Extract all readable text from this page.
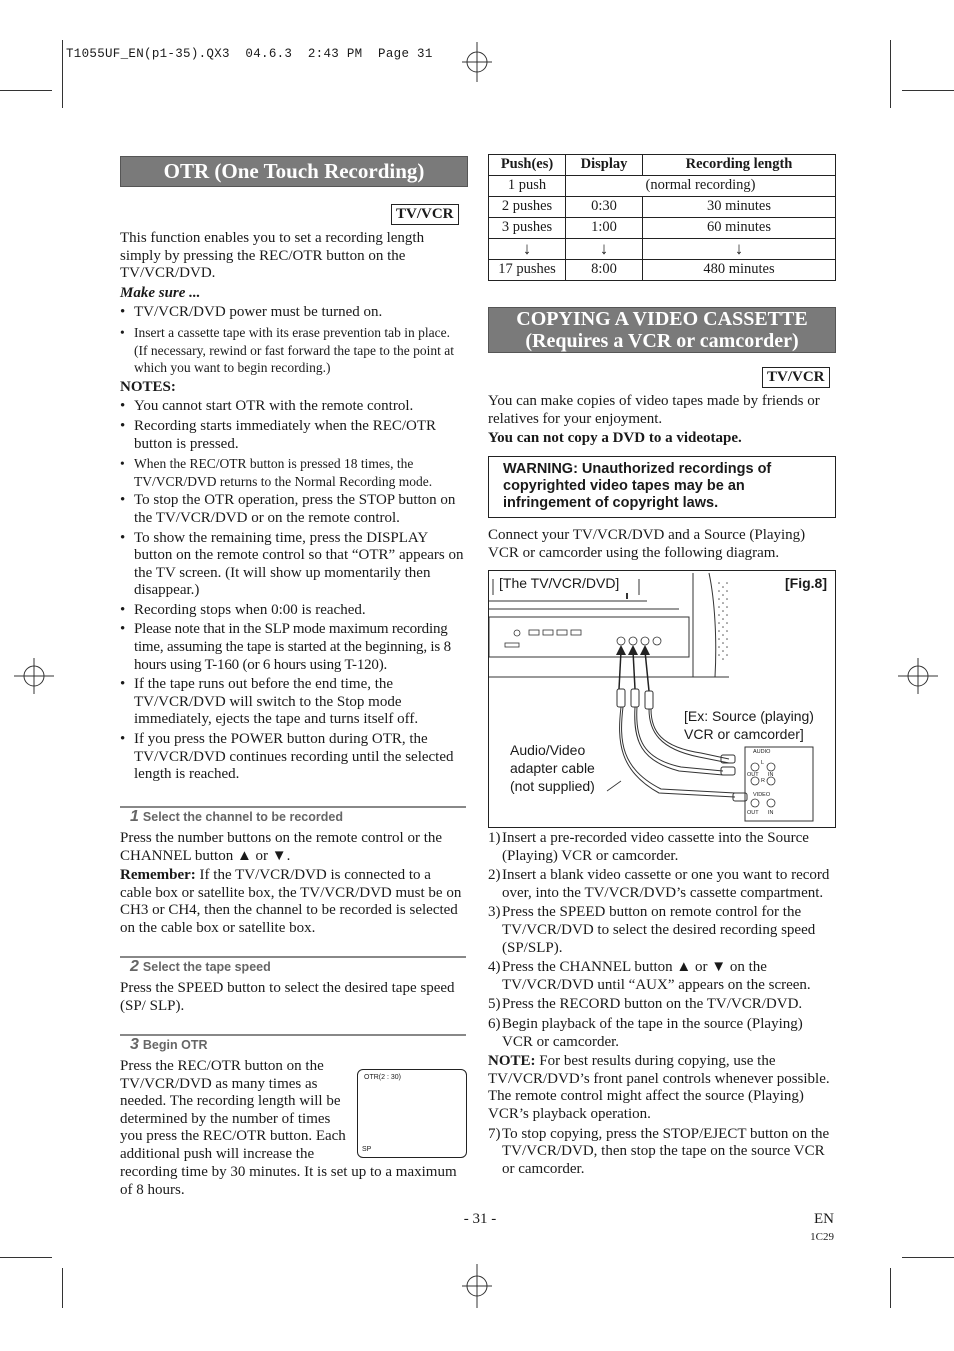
T1055UF_EN(p1-35).QX3  04.6.3  2:43 PM  Page 31
OTR (One Touch Recording)
TV/VCR

This function enables you to set a recording length simply by pressing the REC/OTR button on the TV/VCR/DVD.

Make sure ...

• TV/VCR/DVD power must be turned on.
• Insert a cassette tape with its erase prevention tab in place. (If necessary, rewind or fast forward the tape to the point at which you want to begin recording.)

NOTES:

• You cannot start OTR with the remote control.
• Recording starts immediately when the REC/OTR button is pressed.
• When the REC/OTR button is pressed 18 times, the TV/VCR/DVD returns to the Normal Recording mode.
• To stop the OTR operation, press the STOP button on the TV/VCR/DVD or on the remote control.
• To show the remaining time, press the DISPLAY button on the remote control so that “OTR” appears on the TV screen. (It will show up momentarily then disappear.)
• Recording stops when 0:00 is reached.
• Please note that in the SLP mode maximum recording time, assuming the tape is started at the beginning, is 8 hours using T-160 (or 6 hours using T-120).
• If the tape runs out before the end time, the TV/VCR/DVD will switch to the Stop mode immediately, ejects the tape and turns itself off.
• If you press the POWER button during OTR, the TV/VCR/DVD continues recording until the selected length is reached.
1 Select the channel to be recorded

Press the number buttons on the remote control or the CHANNEL button ▲ or ▼.

Remember: If the TV/VCR/DVD is connected to a cable box or satellite box, the TV/VCR/DVD must be on CH3 or CH4, then the channel to be recorded is selected on the cable box or satellite box.

2 Select the tape speed
Press the SPEED button to select the desired tape speed (SP/ SLP).
3 Begin OTR
Press the REC/OTR button on the TV/VCR/DVD as many times as needed. The recording length will be determined by the number of times you press the REC/OTR button. Each additional push will increase the
OTR(2 : 30)
SP
recording time by 30 minutes. It is set up to a maximum of 8 hours.
Push(es)	Display	Recording length
1 push	(normal recording)	
2 pushes	0:30	30 minutes
3 pushes	1:00	60 minutes
↓	↓	↓
17 pushes	8:00	480 minutes
COPYING A VIDEO CASSETTE
(Requires a VCR or camcorder)
TV/VCR

You can make copies of video tapes made by friends or relatives for your enjoyment.

You can not copy a DVD to a videotape.

WARNING: Unauthorized recordings of copyrighted video tapes may be an infringement of copyright laws.
Connect your TV/VCR/DVD and a Source (Playing) VCR or camcorder using the following diagram.
[The TV/VCR/DVD]	[Fig.8]
[Ex: Source (playing) VCR or camcorder]
Audio/Video adapter cable (not supplied)
AUDIO
L
R
OUT IN
VIDEO
OUT IN
1) Insert a pre-recorded video cassette into the Source (Playing) VCR or camcorder.
2) Insert a blank video cassette or one you want to record over, into the TV/VCR/DVD’s cassette compartment.
3) Press the SPEED button on remote control for the TV/VCR/DVD to select the desired recording speed (SP/SLP).
4) Press the CHANNEL button ▲ or ▼ on the TV/VCR/DVD until “AUX” appears on the screen.
5) Press the RECORD button on the TV/VCR/DVD.
6) Begin playback of the tape in the source (Playing) VCR or camcorder.

NOTE: For best results during copying, use the TV/VCR/DVD’s front panel controls whenever possible. The remote control might affect the source (Playing) VCR’s playback operation.

7) To stop copying, press the STOP/EJECT button on the TV/VCR/DVD, then stop the tape on the source VCR or camcorder.
- 31 -	EN
1C29
